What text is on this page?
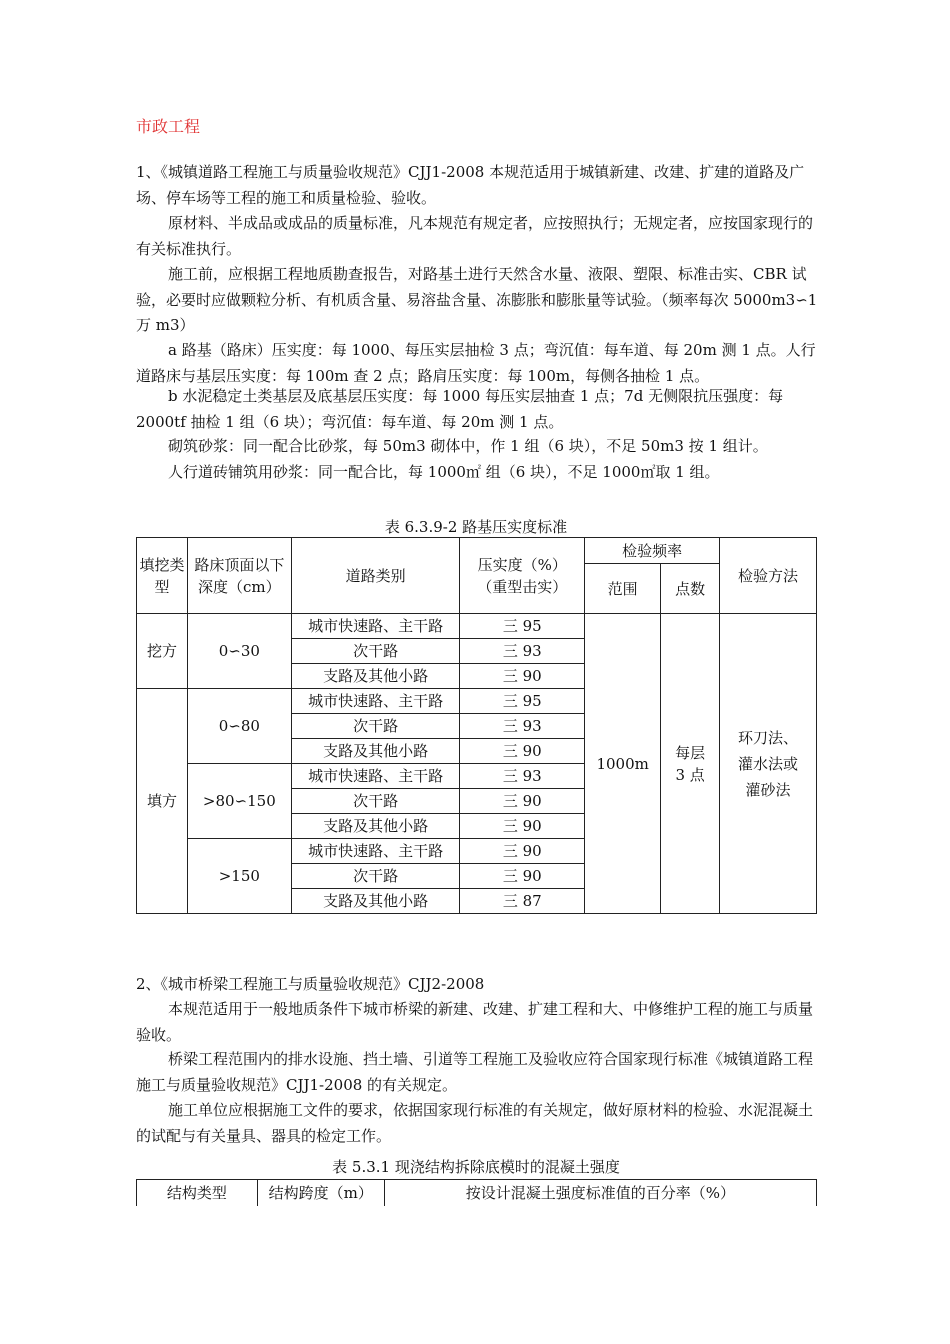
市政工程
1、《城镇道路工程施工与质量验收规范》CJJ1-2008 本规范适用于城镇新建、改建、扩建的道路及广场、停车场等工程的施工和质量检验、验收。
原材料、半成品或成品的质量标准，凡本规范有规定者，应按照执行；无规定者，应按国家现行的有关标准执行。
施工前，应根据工程地质勘查报告，对路基土进行天然含水量、液限、塑限、标准击实、CBR 试验，必要时应做颗粒分析、有机质含量、易溶盐含量、冻膨胀和膨胀量等试验。（频率每次 5000m3∽1 万 m3）
a 路基（路床）压实度：每 1000、每压实层抽检 3 点；弯沉值：每车道、每 20m 测 1 点。人行道路床与基层压实度：每 100m 查 2 点；路肩压实度：每 100m，每侧各抽检 1 点。
b 水泥稳定土类基层及底基层压实度：每 1000 每压实层抽查 1 点；7d 无侧限抗压强度：每 2000tf 抽检 1 组（6 块）；弯沉值：每车道、每 20m 测 1 点。
砌筑砂浆：同一配合比砂浆，每 50m3 砌体中，作 1 组（6 块），不足 50m3 按 1 组计。
人行道砖铺筑用砂浆：同一配合比，每 1000㎡ 组（6 块），不足 1000㎡取 1 组。
表 6.3.9-2 路基压实度标准
填挖类型	路床顶面以下深度（cm）	道路类别	压实度（%）（重型击实）	检验频率		检验方法
				范围	点数	
挖方	0∽30	城市快速路、主干路	三 95	1000m	每层3 点	环刀法、灌水法或灌砂法
		次干路	三 93			
		支路及其他小路	三 90			
填方	0∽80	城市快速路、主干路	三 95			
		次干路	三 93			
		支路及其他小路	三 90			
	>80∽150	城市快速路、主干路	三 93			
		次干路	三 90			
		支路及其他小路	三 90			
	>150	城市快速路、主干路	三 90			
		次干路	三 90			
		支路及其他小路	三 87			
2、《城市桥梁工程施工与质量验收规范》CJJ2-2008
本规范适用于一般地质条件下城市桥梁的新建、改建、扩建工程和大、中修维护工程的施工与质量验收。
桥梁工程范围内的排水设施、挡土墙、引道等工程施工及验收应符合国家现行标准《城镇道路工程施工与质量验收规范》CJJ1-2008 的有关规定。
施工单位应根据施工文件的要求，依据国家现行标准的有关规定，做好原材料的检验、水泥混凝土的试配与有关量具、器具的检定工作。
表 5.3.1 现浇结构拆除底模时的混凝土强度
结构类型	结构跨度（m）	按设计混凝土强度标准值的百分率（%）
